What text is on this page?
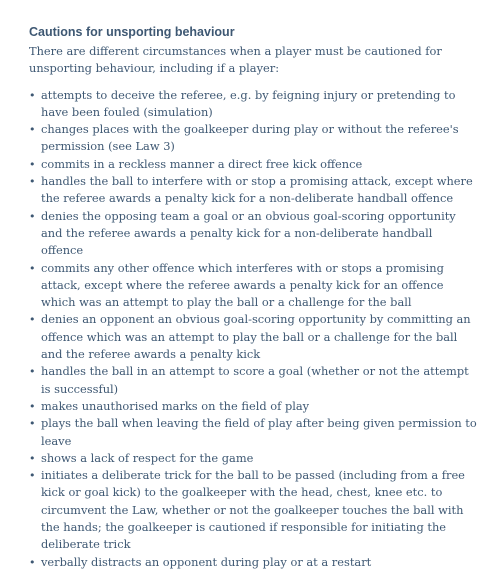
Cautions for unsporting behaviour

There are different circumstances when a player must be cautioned for unsporting behaviour, including if a player:

• attempts to deceive the referee, e.g. by feigning injury or pretending to have been fouled (simulation)
• changes places with the goalkeeper during play or without the referee's permission (see Law 3)
• commits in a reckless manner a direct free kick offence
• handles the ball to interfere with or stop a promising attack, except where the referee awards a penalty kick for a non-deliberate handball offence
• denies the opposing team a goal or an obvious goal-scoring opportunity and the referee awards a penalty kick for a non-deliberate handball offence
• commits any other offence which interferes with or stops a promising attack, except where the referee awards a penalty kick for an offence which was an attempt to play the ball or a challenge for the ball
• denies an opponent an obvious goal-scoring opportunity by committing an offence which was an attempt to play the ball or a challenge for the ball and the referee awards a penalty kick
• handles the ball in an attempt to score a goal (whether or not the attempt is successful)
• makes unauthorised marks on the field of play
• plays the ball when leaving the field of play after being given permission to leave
• shows a lack of respect for the game
• initiates a deliberate trick for the ball to be passed (including from a free kick or goal kick) to the goalkeeper with the head, chest, knee etc. to circumvent the Law, whether or not the goalkeeper touches the ball with the hands; the goalkeeper is cautioned if responsible for initiating the deliberate trick
• verbally distracts an opponent during play or at a restart
